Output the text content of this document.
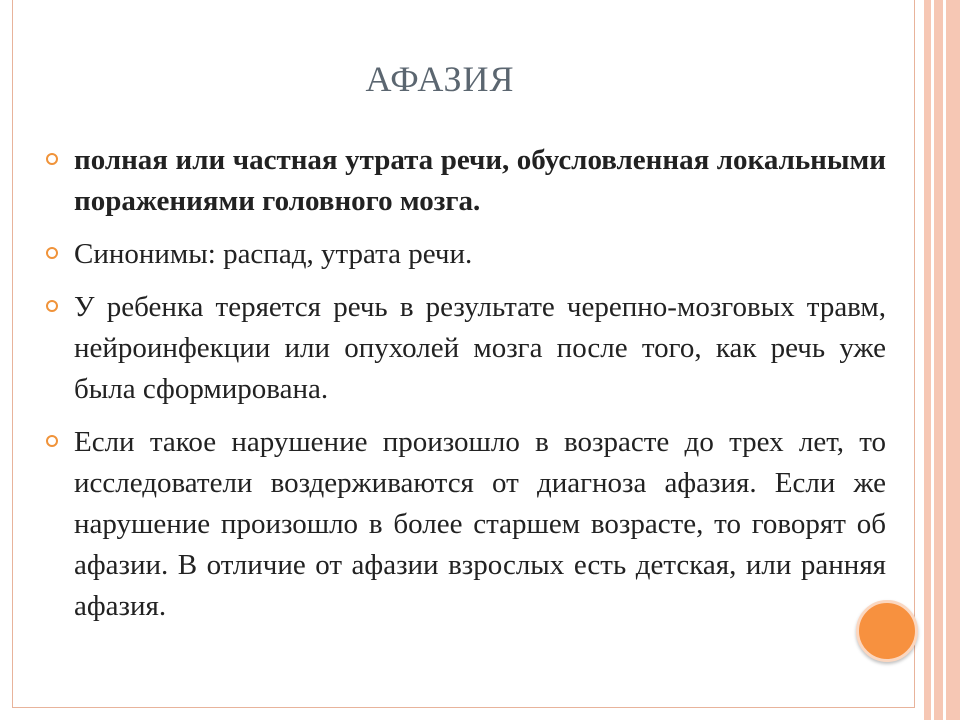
АФАЗИЯ
полная или частная утрата речи, обусловленная локальными поражениями головного мозга.
Синонимы: распад, утрата речи.
У ребенка теряется речь в результате черепно-мозговых травм, нейроинфекции или опухолей мозга после того, как речь уже была сформирована.
Если такое нарушение произошло в возрасте до трех лет, то исследователи воздерживаются от диагноза афазия. Если же нарушение произошло в более старшем возрасте, то говорят об афазии. В отличие от афазии взрослых есть детская, или ранняя афазия.
